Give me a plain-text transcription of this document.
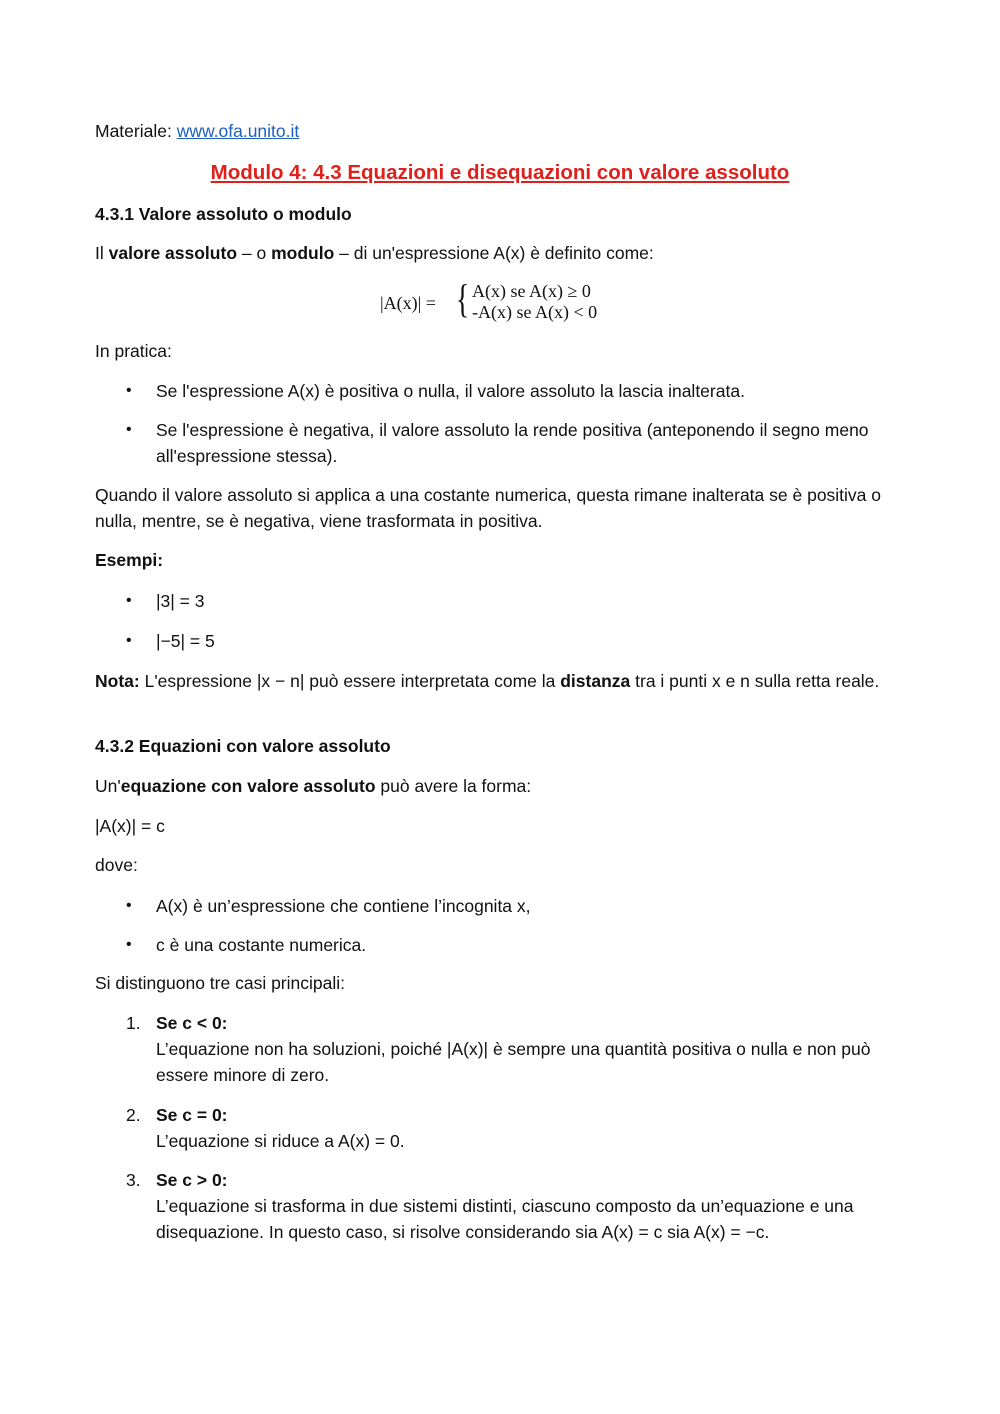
Materiale: www.ofa.unito.it
Modulo 4: 4.3 Equazioni e disequazioni con valore assoluto
4.3.1 Valore assoluto o modulo
Il valore assoluto – o modulo – di un'espressione A(x) è definito come:
|A(x)| = { A(x) se A(x) ≥ 0
-A(x) se A(x) < 0
In pratica:
• Se l'espressione A(x) è positiva o nulla, il valore assoluto la lascia inalterata.
• Se l'espressione è negativa, il valore assoluto la rende positiva (anteponendo il segno meno all'espressione stessa).
Quando il valore assoluto si applica a una costante numerica, questa rimane inalterata se è positiva o nulla, mentre, se è negativa, viene trasformata in positiva.
Esempi:
• |3| = 3
• |−5| = 5
Nota: L'espressione |x − n| può essere interpretata come la distanza tra i punti x e n sulla retta reale.
4.3.2 Equazioni con valore assoluto
Un'equazione con valore assoluto può avere la forma:
|A(x)| = c
dove:
• A(x) è un’espressione che contiene l’incognita x,
• c è una costante numerica.
Si distinguono tre casi principali:
1. Se c < 0:
L’equazione non ha soluzioni, poiché |A(x)| è sempre una quantità positiva o nulla e non può essere minore di zero.
2. Se c = 0:
L’equazione si riduce a A(x) = 0.
3. Se c > 0:
L’equazione si trasforma in due sistemi distinti, ciascuno composto da un’equazione e una disequazione. In questo caso, si risolve considerando sia A(x) = c sia A(x) = −c.
